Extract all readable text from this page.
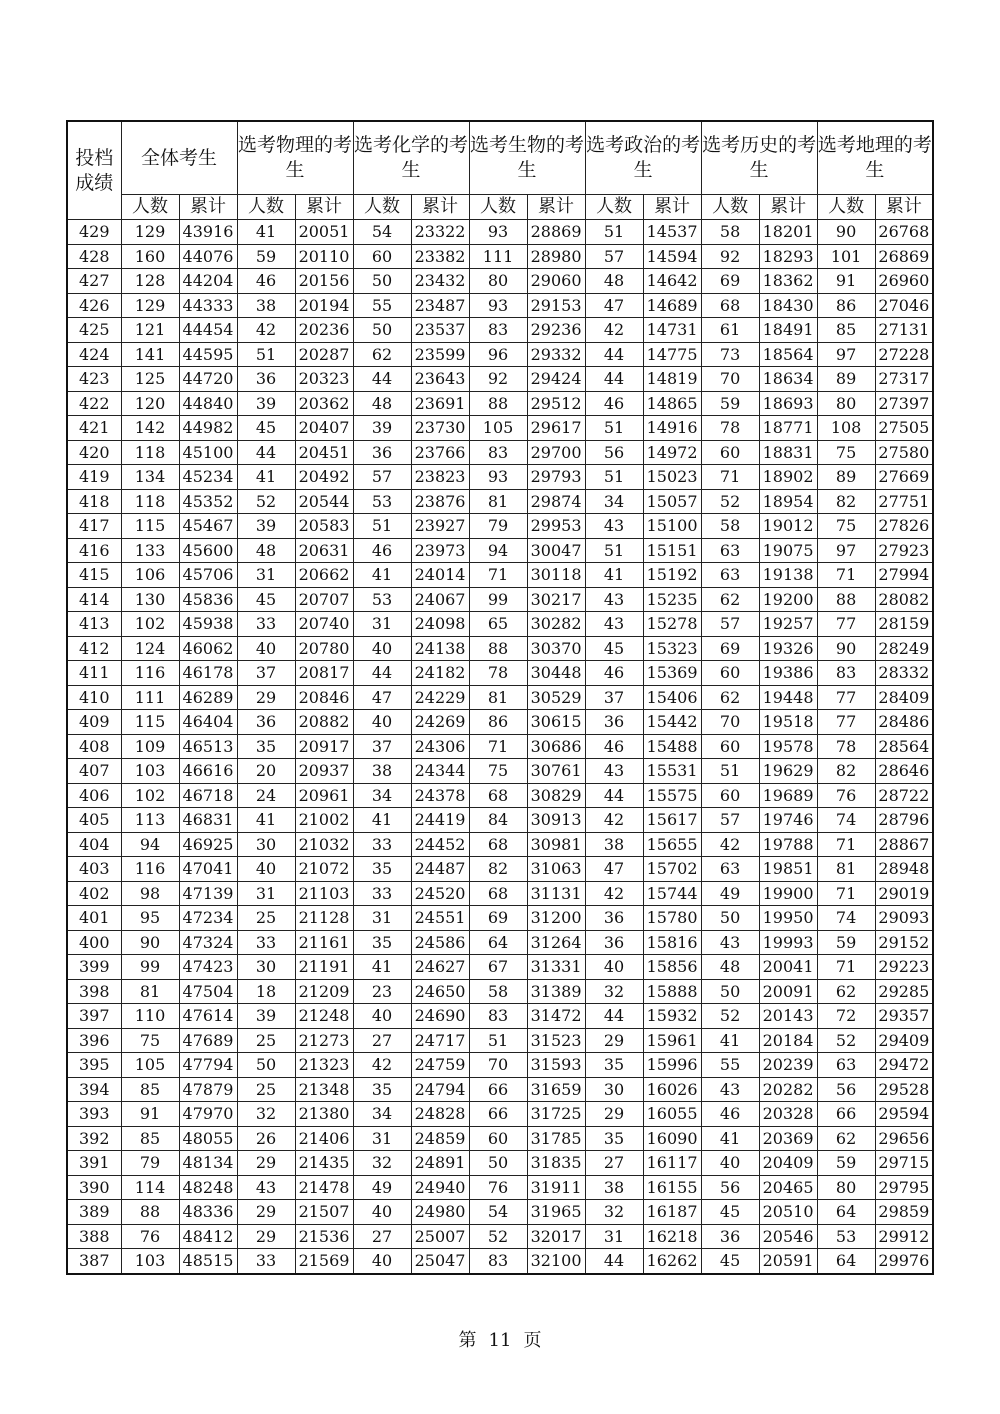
投档成绩	全体考生		选考物理的考生		选考化学的考生		选考生物的考生		选考政治的考生		选考历史的考生		选考地理的考生	
	人数	累计	人数	累计	人数	累计	人数	累计	人数	累计	人数	累计	人数	累计
429	129	43916	41	20051	54	23322	93	28869	51	14537	58	18201	90	26768
428	160	44076	59	20110	60	23382	111	28980	57	14594	92	18293	101	26869
427	128	44204	46	20156	50	23432	80	29060	48	14642	69	18362	91	26960
426	129	44333	38	20194	55	23487	93	29153	47	14689	68	18430	86	27046
425	121	44454	42	20236	50	23537	83	29236	42	14731	61	18491	85	27131
424	141	44595	51	20287	62	23599	96	29332	44	14775	73	18564	97	27228
423	125	44720	36	20323	44	23643	92	29424	44	14819	70	18634	89	27317
422	120	44840	39	20362	48	23691	88	29512	46	14865	59	18693	80	27397
421	142	44982	45	20407	39	23730	105	29617	51	14916	78	18771	108	27505
420	118	45100	44	20451	36	23766	83	29700	56	14972	60	18831	75	27580
419	134	45234	41	20492	57	23823	93	29793	51	15023	71	18902	89	27669
418	118	45352	52	20544	53	23876	81	29874	34	15057	52	18954	82	27751
417	115	45467	39	20583	51	23927	79	29953	43	15100	58	19012	75	27826
416	133	45600	48	20631	46	23973	94	30047	51	15151	63	19075	97	27923
415	106	45706	31	20662	41	24014	71	30118	41	15192	63	19138	71	27994
414	130	45836	45	20707	53	24067	99	30217	43	15235	62	19200	88	28082
413	102	45938	33	20740	31	24098	65	30282	43	15278	57	19257	77	28159
412	124	46062	40	20780	40	24138	88	30370	45	15323	69	19326	90	28249
411	116	46178	37	20817	44	24182	78	30448	46	15369	60	19386	83	28332
410	111	46289	29	20846	47	24229	81	30529	37	15406	62	19448	77	28409
409	115	46404	36	20882	40	24269	86	30615	36	15442	70	19518	77	28486
408	109	46513	35	20917	37	24306	71	30686	46	15488	60	19578	78	28564
407	103	46616	20	20937	38	24344	75	30761	43	15531	51	19629	82	28646
406	102	46718	24	20961	34	24378	68	30829	44	15575	60	19689	76	28722
405	113	46831	41	21002	41	24419	84	30913	42	15617	57	19746	74	28796
404	94	46925	30	21032	33	24452	68	30981	38	15655	42	19788	71	28867
403	116	47041	40	21072	35	24487	82	31063	47	15702	63	19851	81	28948
402	98	47139	31	21103	33	24520	68	31131	42	15744	49	19900	71	29019
401	95	47234	25	21128	31	24551	69	31200	36	15780	50	19950	74	29093
400	90	47324	33	21161	35	24586	64	31264	36	15816	43	19993	59	29152
399	99	47423	30	21191	41	24627	67	31331	40	15856	48	20041	71	29223
398	81	47504	18	21209	23	24650	58	31389	32	15888	50	20091	62	29285
397	110	47614	39	21248	40	24690	83	31472	44	15932	52	20143	72	29357
396	75	47689	25	21273	27	24717	51	31523	29	15961	41	20184	52	29409
395	105	47794	50	21323	42	24759	70	31593	35	15996	55	20239	63	29472
394	85	47879	25	21348	35	24794	66	31659	30	16026	43	20282	56	29528
393	91	47970	32	21380	34	24828	66	31725	29	16055	46	20328	66	29594
392	85	48055	26	21406	31	24859	60	31785	35	16090	41	20369	62	29656
391	79	48134	29	21435	32	24891	50	31835	27	16117	40	20409	59	29715
390	114	48248	43	21478	49	24940	76	31911	38	16155	56	20465	80	29795
389	88	48336	29	21507	40	24980	54	31965	32	16187	45	20510	64	29859
388	76	48412	29	21536	27	25007	52	32017	31	16218	36	20546	53	29912
387	103	48515	33	21569	40	25047	83	32100	44	16262	45	20591	64	29976
第 11 页
